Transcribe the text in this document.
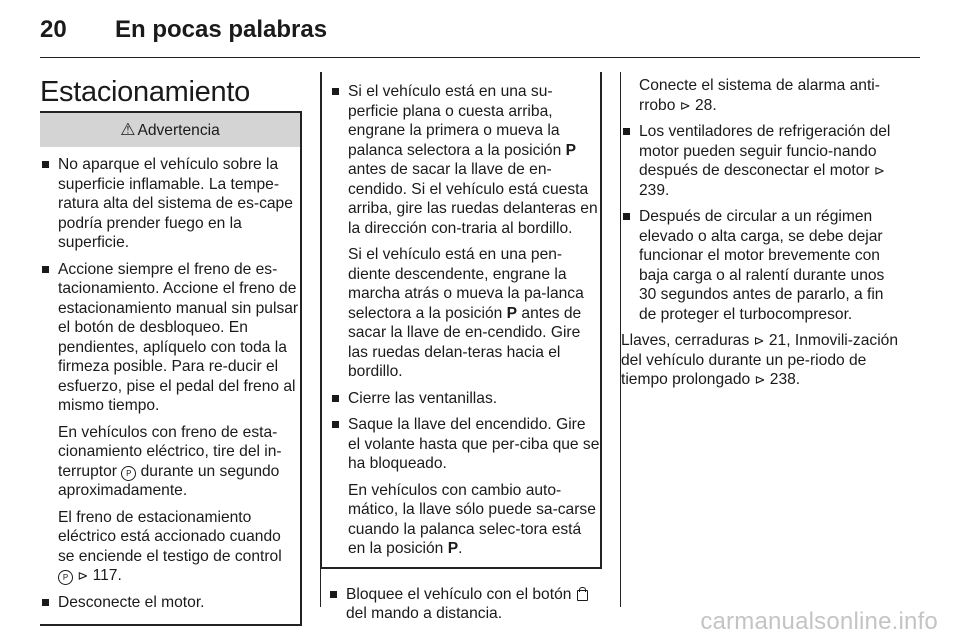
20 En pocas palabras
Estacionamiento
⚠ Advertencia
No aparque el vehículo sobre la superficie inflamable. La tempe-ratura alta del sistema de es-cape podría prender fuego en la superficie.
Accione siempre el freno de es-tacionamiento. Accione el freno de estacionamiento manual sin pulsar el botón de desbloqueo. En pendientes, aplíquelo con toda la firmeza posible. Para re-ducir el esfuerzo, pise el pedal del freno al mismo tiempo.
En vehículos con freno de esta-cionamiento eléctrico, tire del in-terruptor P durante un segundo aproximadamente.
El freno de estacionamiento eléctrico está accionado cuando se enciende el testigo de control P ⊳ 117.
Desconecte el motor.
Si el vehículo está en una su-perficie plana o cuesta arriba, engrane la primera o mueva la palanca selectora a la posición P antes de sacar la llave de en-cendido. Si el vehículo está cuesta arriba, gire las ruedas delanteras en la dirección con-traria al bordillo.
Si el vehículo está en una pen-diente descendente, engrane la marcha atrás o mueva la pa-lanca selectora a la posición P antes de sacar la llave de en-cendido. Gire las ruedas delan-teras hacia el bordillo.
Cierre las ventanillas.
Saque la llave del encendido. Gire el volante hasta que per-ciba que se ha bloqueado.
En vehículos con cambio auto-mático, la llave sólo puede sa-carse cuando la palanca selec-tora está en la posición P.
Bloquee el vehículo con el botón  del mando a distancia.
Conecte el sistema de alarma anti-rrobo ⊳ 28.
Los ventiladores de refrigeración del motor pueden seguir funcio-nando después de desconectar el motor ⊳ 239.
Después de circular a un régimen elevado o alta carga, se debe dejar funcionar el motor brevemente con baja carga o al ralentí durante unos 30 segundos antes de pararlo, a fin de proteger el turbocompresor.
Llaves, cerraduras ⊳ 21, Inmovili-zación del vehículo durante un pe-riodo de tiempo prolongado ⊳ 238.
carmanualsonline.info
